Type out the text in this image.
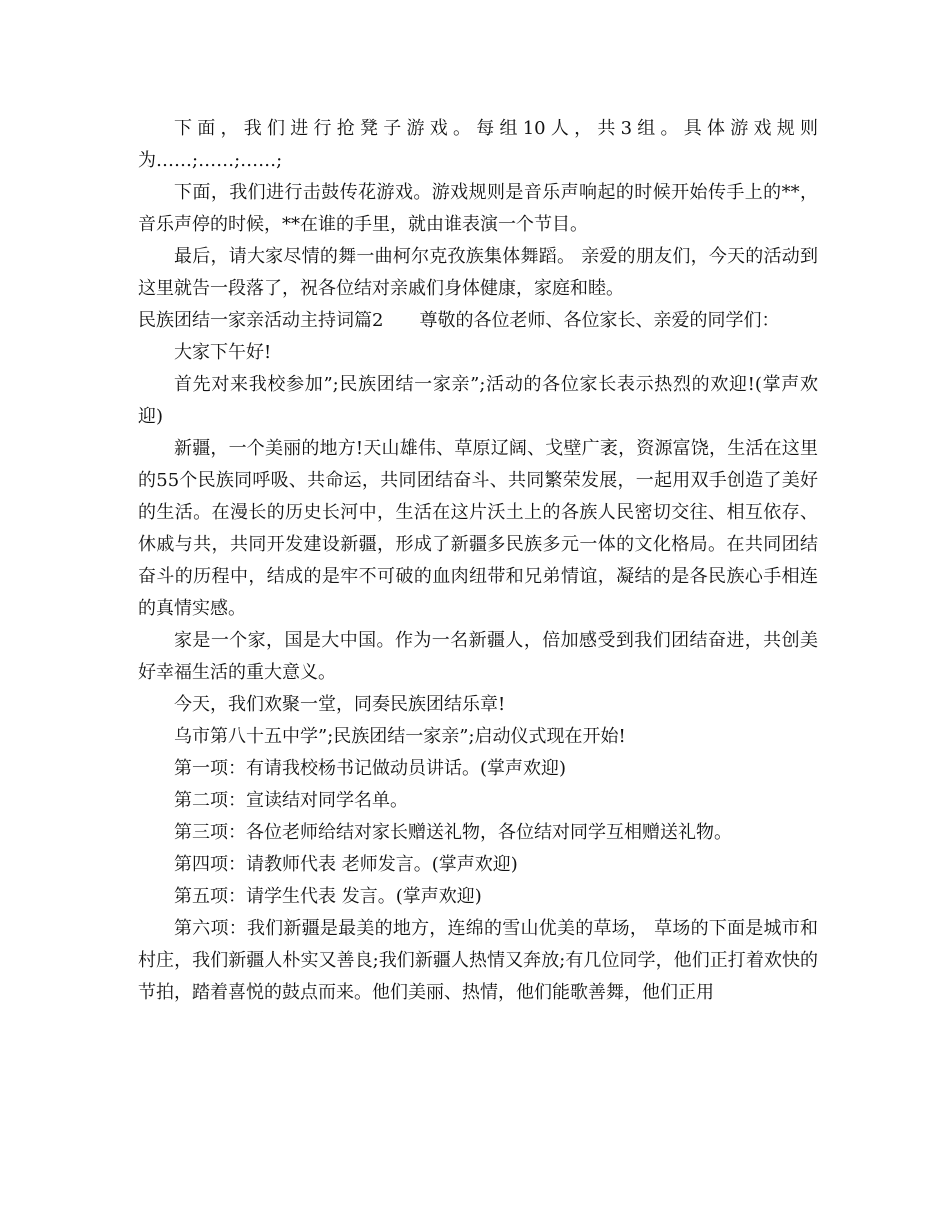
下面，我们进行抢凳子游戏。每组10人，共3组。具体游戏规则为……;……;……;

下面，我们进行击鼓传花游戏。游戏规则是音乐声响起的时候开始传手上的**，音乐声停的时候，**在谁的手里，就由谁表演一个节目。

最后，请大家尽情的舞一曲柯尔克孜族集体舞蹈。 亲爱的朋友们，今天的活动到这里就告一段落了，祝各位结对亲戚们身体健康，家庭和睦。

民族团结一家亲活动主持词篇2　　尊敬的各位老师、各位家长、亲爱的同学们：

大家下午好!

首先对来我校参加”;民族团结一家亲”;活动的各位家长表示热烈的欢迎!(掌声欢迎)

新疆，一个美丽的地方!天山雄伟、草原辽阔、戈壁广袤，资源富饶，生活在这里的55个民族同呼吸、共命运，共同团结奋斗、共同繁荣发展，一起用双手创造了美好的生活。在漫长的历史长河中，生活在这片沃土上的各族人民密切交往、相互依存、休戚与共，共同开发建设新疆，形成了新疆多民族多元一体的文化格局。在共同团结奋斗的历程中，结成的是牢不可破的血肉纽带和兄弟情谊，凝结的是各民族心手相连的真情实感。

家是一个家，国是大中国。作为一名新疆人，倍加感受到我们团结奋进，共创美好幸福生活的重大意义。

今天，我们欢聚一堂，同奏民族团结乐章!

乌市第八十五中学”;民族团结一家亲”;启动仪式现在开始!

第一项：有请我校杨书记做动员讲话。(掌声欢迎)

第二项：宣读结对同学名单。

第三项：各位老师给结对家长赠送礼物，各位结对同学互相赠送礼物。

第四项：请教师代表 老师发言。(掌声欢迎)

第五项：请学生代表 发言。(掌声欢迎)

第六项：我们新疆是最美的地方，连绵的雪山优美的草场， 草场的下面是城市和村庄，我们新疆人朴实又善良;我们新疆人热情又奔放;有几位同学，他们正打着欢快的节拍，踏着喜悦的鼓点而来。他们美丽、热情，他们能歌善舞，他们正用
